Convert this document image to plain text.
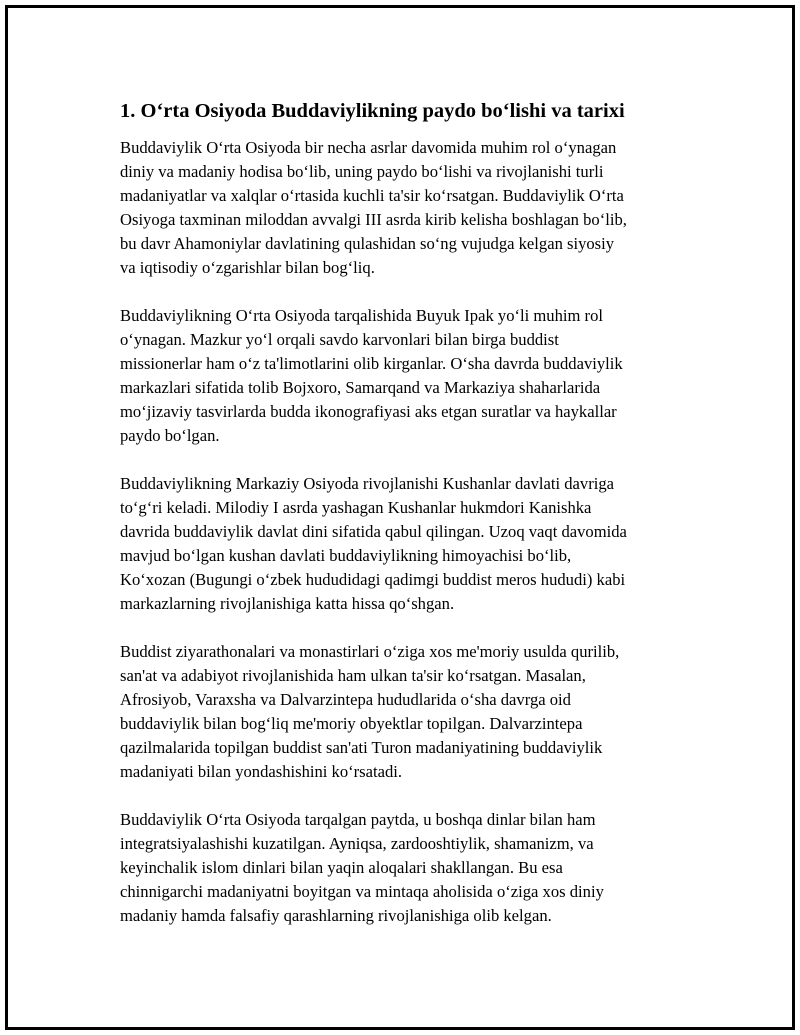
1. O‘rta Osiyoda Buddaviylikning paydo bo‘lishi va tarixi

Buddaviylik O‘rta Osiyoda bir necha asrlar davomida muhim rol o‘ynagan
diniy va madaniy hodisa bo‘lib, uning paydo bo‘lishi va rivojlanishi turli
madaniyatlar va xalqlar o‘rtasida kuchli ta'sir ko‘rsatgan. Buddaviylik O‘rta
Osiyoga taxminan miloddan avvalgi III asrda kirib kelisha boshlagan bo‘lib,
bu davr Ahamoniylar davlatining qulashidan so‘ng vujudga kelgan siyosiy
va iqtisodiy o‘zgarishlar bilan bog‘liq.

Buddaviylikning O‘rta Osiyoda tarqalishida Buyuk Ipak yo‘li muhim rol
o‘ynagan. Mazkur yo‘l orqali savdo karvonlari bilan birga buddist
missionerlar ham o‘z ta'limotlarini olib kirganlar. O‘sha davrda buddaviylik
markazlari sifatida tolib Bojxoro, Samarqand va Markaziya shaharlarida
mo‘jizaviy tasvirlarda budda ikonografiyasi aks etgan suratlar va haykallar
paydo bo‘lgan.

Buddaviylikning Markaziy Osiyoda rivojlanishi Kushanlar davlati davriga
to‘g‘ri keladi. Milodiy I asrda yashagan Kushanlar hukmdori Kanishka
davrida buddaviylik davlat dini sifatida qabul qilingan. Uzoq vaqt davomida
mavjud bo‘lgan kushan davlati buddaviylikning himoyachisi bo‘lib,
Ko‘xozan (Bugungi o‘zbek hududidagi qadimgi buddist meros hududi) kabi
markazlarning rivojlanishiga katta hissa qo‘shgan.

Buddist ziyarathonalari va monastirlari o‘ziga xos me'moriy usulda qurilib,
san'at va adabiyot rivojlanishida ham ulkan ta'sir ko‘rsatgan. Masalan,
Afrosiyob, Varaxsha va Dalvarzintepa hududlarida o‘sha davrga oid
buddaviylik bilan bog‘liq me'moriy obyektlar topilgan. Dalvarzintepa
qazilmalarida topilgan buddist san'ati Turon madaniyatining buddaviylik
madaniyati bilan yondashishini ko‘rsatadi.

Buddaviylik O‘rta Osiyoda tarqalgan paytda, u boshqa dinlar bilan ham
integratsiyalashishi kuzatilgan. Ayniqsa, zardooshtiylik, shamanizm, va
keyinchalik islom dinlari bilan yaqin aloqalari shakllangan. Bu esa
chinnigarchi madaniyatni boyitgan va mintaqa aholisida o‘ziga xos diniy
madaniy hamda falsafiy qarashlarning rivojlanishiga olib kelgan.
